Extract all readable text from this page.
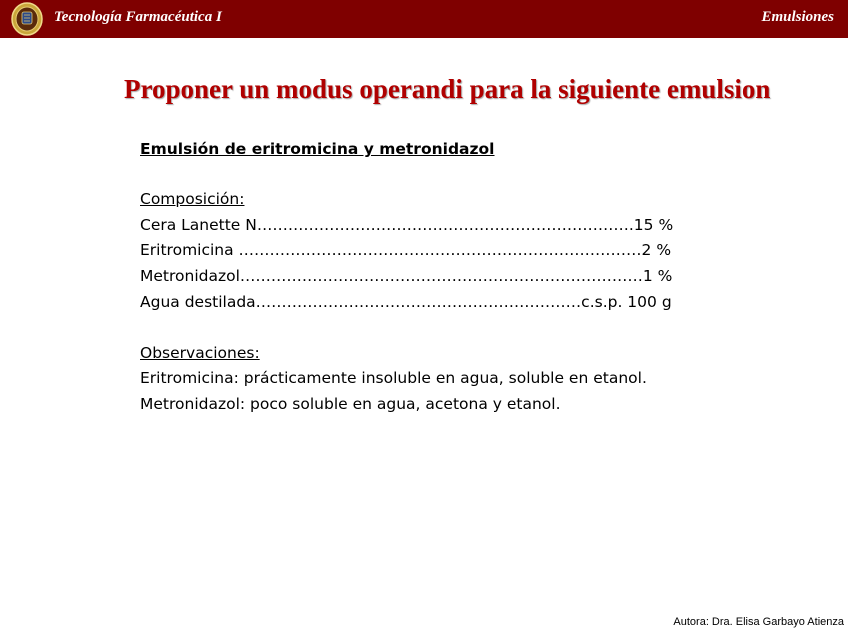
Tecnología Farmacéutica I	Emulsiones
Proponer un modus operandi para la siguiente emulsion
Emulsión de eritromicina y metronidazol
Composición:
Cera Lanette N……………………………………………………………….15 %
Eritromicina ……………………………………………………………………2 %
Metronidazol……………………………………………………………………1 %
Agua destilada………………………………………………………c.s.p. 100 g
Observaciones:
Eritromicina: prácticamente insoluble en agua, soluble en etanol.
Metronidazol: poco soluble en agua, acetona y etanol.
Autora: Dra. Elisa Garbayo Atienza
